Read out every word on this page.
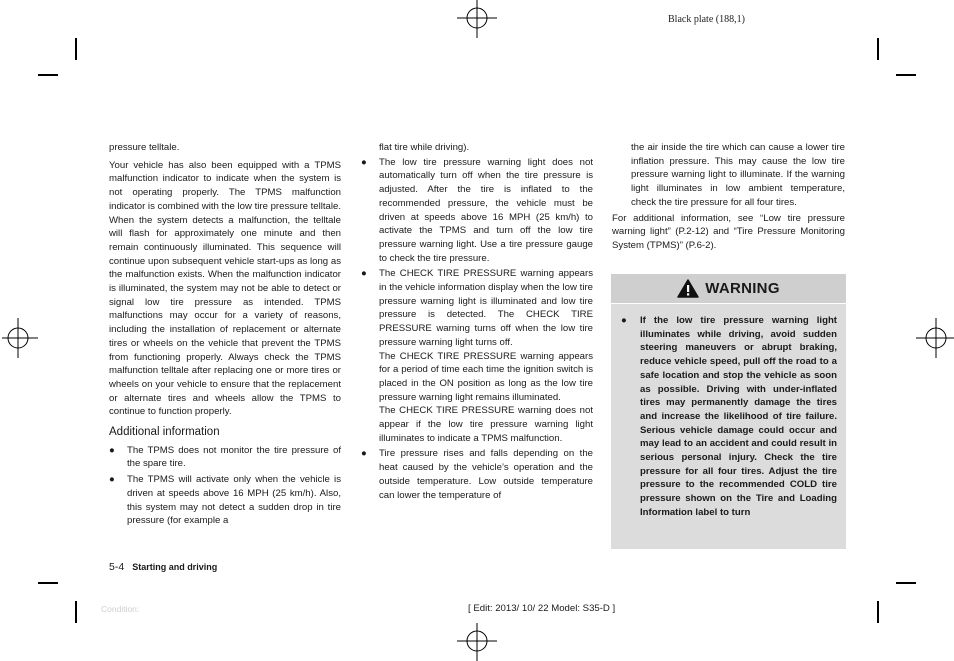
Black plate (188,1)

pressure telltale.

Your vehicle has also been equipped with a TPMS malfunction indicator to indicate when the system is not operating properly. The TPMS malfunction indicator is combined with the low tire pressure telltale. When the system detects a malfunction, the telltale will flash for approximately one minute and then remain continuously illuminated. This sequence will continue upon subsequent vehicle start-ups as long as the malfunction exists. When the malfunction indicator is illuminated, the system may not be able to detect or signal low tire pressure as intended. TPMS malfunctions may occur for a variety of reasons, including the installation of replacement or alternate tires or wheels on the vehicle that prevent the TPMS from functioning properly. Always check the TPMS malfunction telltale after replacing one or more tires or wheels on your vehicle to ensure that the replacement or alternate tires and wheels allow the TPMS to continue to function properly.

Additional information
● The TPMS does not monitor the tire pressure of the spare tire.
● The TPMS will activate only when the vehicle is driven at speeds above 16 MPH (25 km/h). Also, this system may not detect a sudden drop in tire pressure (for example a

flat tire while driving).

● The low tire pressure warning light does not automatically turn off when the tire pressure is adjusted. After the tire is inflated to the recommended pressure, the vehicle must be driven at speeds above 16 MPH (25 km/h) to activate the TPMS and turn off the low tire pressure warning light. Use a tire pressure gauge to check the tire pressure.
● The CHECK TIRE PRESSURE warning appears in the vehicle information display when the low tire pressure warning light is illuminated and low tire pressure is detected. The CHECK TIRE PRESSURE warning turns off when the low tire pressure warning light turns off.

The CHECK TIRE PRESSURE warning appears for a period of time each time the ignition switch is placed in the ON position as long as the low tire pressure warning light remains illuminated.

The CHECK TIRE PRESSURE warning does not appear if the low tire pressure warning light illuminates to indicate a TPMS malfunction.

● Tire pressure rises and falls depending on the heat caused by the vehicle’s operation and the outside temperature. Low outside temperature can lower the temperature of

the air inside the tire which can cause a lower tire inflation pressure. This may cause the low tire pressure warning light to illuminate. If the warning light illuminates in low ambient temperature, check the tire pressure for all four tires.

For additional information, see “Low tire pressure warning light” (P.2-12) and “Tire Pressure Monitoring System (TPMS)” (P.6-2).

WARNING
● If the low tire pressure warning light illuminates while driving, avoid sudden steering maneuvers or abrupt braking, reduce vehicle speed, pull off the road to a safe location and stop the vehicle as soon as possible. Driving with under-inflated tires may permanently damage the tires and increase the likelihood of tire failure. Serious vehicle damage could occur and may lead to an accident and could result in serious personal injury. Check the tire pressure for all four tires. Adjust the tire pressure to the recommended COLD tire pressure shown on the Tire and Loading Information label to turn
5-4 Starting and driving
Condition:	[ Edit: 2013/ 10/ 22 Model: S35-D ]
